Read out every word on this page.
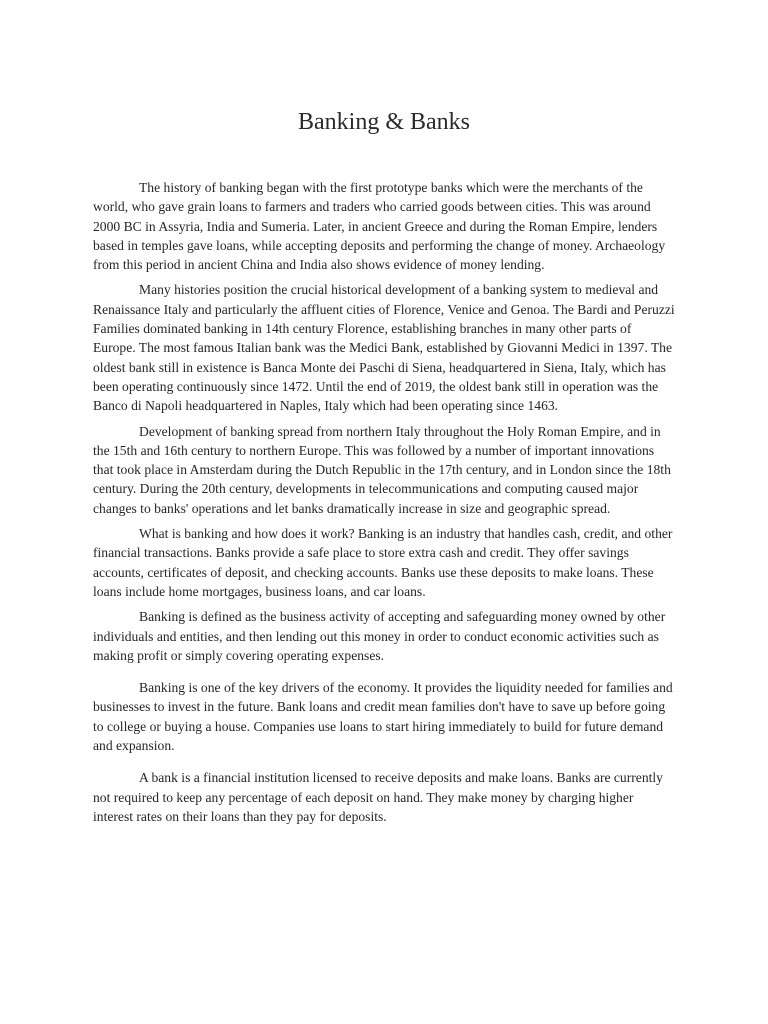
Banking & Banks

The history of banking began with the first prototype banks which were the merchants of the world, who gave grain loans to farmers and traders who carried goods between cities. This was around 2000 BC in Assyria, India and Sumeria. Later, in ancient Greece and during the Roman Empire, lenders based in temples gave loans, while accepting deposits and performing the change of money. Archaeology from this period in ancient China and India also shows evidence of money lending.

Many histories position the crucial historical development of a banking system to medieval and Renaissance Italy and particularly the affluent cities of Florence, Venice and Genoa. The Bardi and Peruzzi Families dominated banking in 14th century Florence, establishing branches in many other parts of Europe. The most famous Italian bank was the Medici Bank, established by Giovanni Medici in 1397. The oldest bank still in existence is Banca Monte dei Paschi di Siena, headquartered in Siena, Italy, which has been operating continuously since 1472. Until the end of 2019, the oldest bank still in operation was the Banco di Napoli headquartered in Naples, Italy which had been operating since 1463.

Development of banking spread from northern Italy throughout the Holy Roman Empire, and in the 15th and 16th century to northern Europe. This was followed by a number of important innovations that took place in Amsterdam during the Dutch Republic in the 17th century, and in London since the 18th century. During the 20th century, developments in telecommunications and computing caused major changes to banks' operations and let banks dramatically increase in size and geographic spread.

What is banking and how does it work? Banking is an industry that handles cash, credit, and other financial transactions. Banks provide a safe place to store extra cash and credit. They offer savings accounts, certificates of deposit, and checking accounts. Banks use these deposits to make loans. These loans include home mortgages, business loans, and car loans.

Banking is defined as the business activity of accepting and safeguarding money owned by other individuals and entities, and then lending out this money in order to conduct economic activities such as making profit or simply covering operating expenses.

Banking is one of the key drivers of the economy. It provides the liquidity needed for families and businesses to invest in the future. Bank loans and credit mean families don't have to save up before going to college or buying a house. Companies use loans to start hiring immediately to build for future demand and expansion.

A bank is a financial institution licensed to receive deposits and make loans. Banks are currently not required to keep any percentage of each deposit on hand. They make money by charging higher interest rates on their loans than they pay for deposits.
